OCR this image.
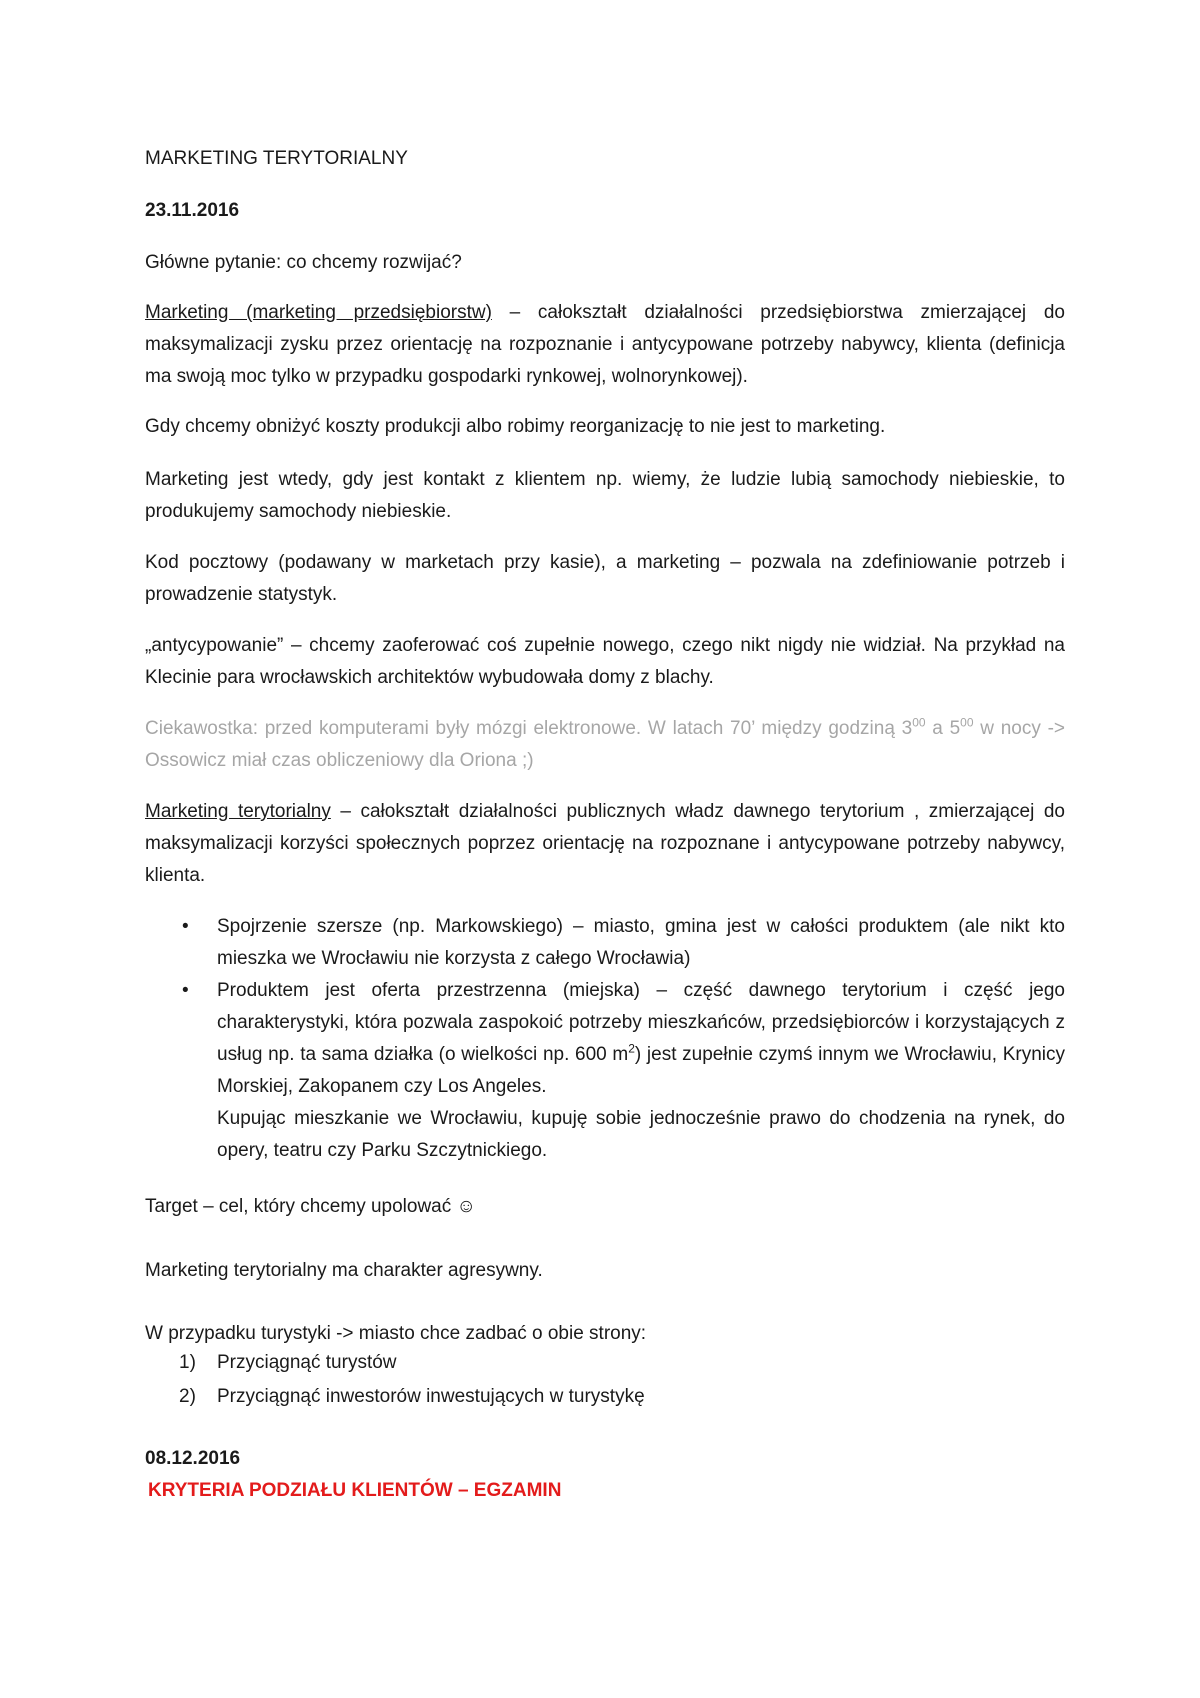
MARKETING TERYTORIALNY
23.11.2016
Główne pytanie: co chcemy rozwijać?
Marketing (marketing przedsiębiorstw) – całokształt działalności przedsiębiorstwa zmierzającej do maksymalizacji zysku przez orientację na rozpoznanie i antycypowane potrzeby nabywcy, klienta (definicja ma swoją moc tylko w przypadku gospodarki rynkowej, wolnorynkowej).
Gdy chcemy obniżyć koszty produkcji albo robimy reorganizację to nie jest to marketing.
Marketing jest wtedy, gdy jest kontakt z klientem np. wiemy, że ludzie lubią samochody niebieskie, to produkujemy samochody niebieskie.
Kod pocztowy (podawany w marketach przy kasie), a marketing – pozwala na zdefiniowanie potrzeb i prowadzenie statystyk.
„antycypowanie” – chcemy zaoferować coś zupełnie nowego, czego nikt nigdy nie widział. Na przykład na Klecinie para wrocławskich architektów wybudowała domy z blachy.
Ciekawostka: przed komputerami były mózgi elektronowe. W latach 70’ między godziną $3^{00}$ a $5^{00}$ w nocy -> Ossowicz miał czas obliczeniowy dla Oriona ;)
Marketing terytorialny – całokształt działalności publicznych władz dawnego terytorium , zmierzającej do maksymalizacji korzyści społecznych poprzez orientację na rozpoznane i antycypowane potrzeby nabywcy, klienta.
• Spojrzenie szersze (np. Markowskiego) – miasto, gmina jest w całości produktem (ale nikt kto mieszka we Wrocławiu nie korzysta z całego Wrocławia)
• Produktem jest oferta przestrzenna (miejska) – część dawnego terytorium i część jego charakterystyki, która pozwala zaspokoić potrzeby mieszkańców, przedsiębiorców i korzystających z usług np. ta sama działka (o wielkości np. 600 $m^2$) jest zupełnie czymś innym we Wrocławiu, Krynicy Morskiej, Zakopanem czy Los Angeles.
Kupując mieszkanie we Wrocławiu, kupuję sobie jednocześnie prawo do chodzenia na rynek, do opery, teatru czy Parku Szczytnickiego.
Target – cel, który chcemy upolować ☺
Marketing terytorialny ma charakter agresywny.
W przypadku turystyki -> miasto chce zadbać o obie strony:
1) Przyciągnąć turystów
2) Przyciągnąć inwestorów inwestujących w turystykę
08.12.2016
KRYTERIA PODZIAŁU KLIENTÓW – EGZAMIN
